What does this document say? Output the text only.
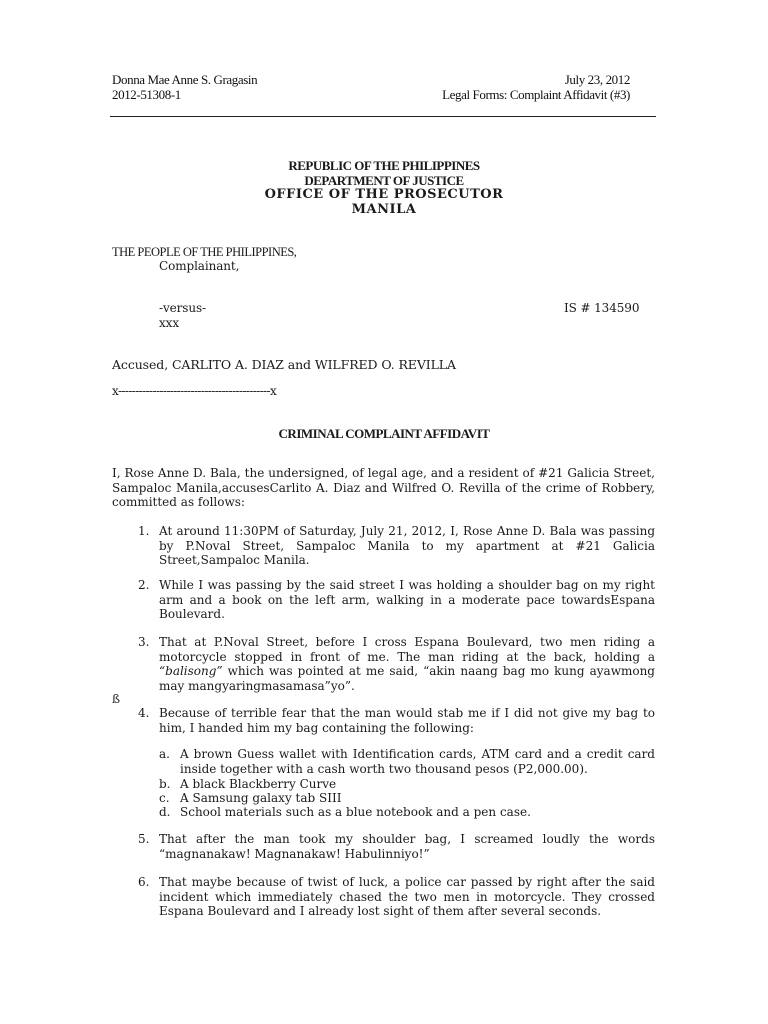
Donna Mae Anne S. Gragasin
2012-51308-1
July 23, 2012
Legal Forms: Complaint Affidavit (#3)
REPUBLIC OF THE PHILIPPINES
DEPARTMENT OF JUSTICE
OFFICE OF THE PROSECUTOR
MANILA
THE PEOPLE OF THE PHILIPPINES,
Complainant,
-versus-	IS # 134590
xxx
Accused, CARLITO A. DIAZ and WILFRED O. REVILLA
x--------------------------------------------x
CRIMINAL COMPLAINT AFFIDAVIT
I, Rose Anne D. Bala, the undersigned, of legal age, and a resident of #21 Galicia Street,
Sampaloc Manila,accusesCarlito A. Diaz and Wilfred O. Revilla of the crime of Robbery,
committed as follows:
1. At around 11:30PM of Saturday, July 21, 2012, I, Rose Anne D. Bala was passing
by P.Noval Street, Sampaloc Manila to my apartment at #21 Galicia
Street,Sampaloc Manila.
2. While I was passing by the said street I was holding a shoulder bag on my right
arm and a book on the left arm, walking in a moderate pace towardsEspana
Boulevard.
3. That at P.Noval Street, before I cross Espana Boulevard, two men riding a
motorcycle stopped in front of me. The man riding at the back, holding a
“balisong” which was pointed at me said, “akin naang bag mo kung ayawmong
may mangyaringmasamasa”yo”.
ß
4. Because of terrible fear that the man would stab me if I did not give my bag to
him, I handed him my bag containing the following:
a. A brown Guess wallet with Identification cards, ATM card and a credit card
inside together with a cash worth two thousand pesos (P2,000.00).
b. A black Blackberry Curve
c. A Samsung galaxy tab SIII
d. School materials such as a blue notebook and a pen case.
5. That after the man took my shoulder bag, I screamed loudly the words
“magnanakaw! Magnanakaw! Habulinniyo!”
6. That maybe because of twist of luck, a police car passed by right after the said
incident which immediately chased the two men in motorcycle. They crossed
Espana Boulevard and I already lost sight of them after several seconds.
